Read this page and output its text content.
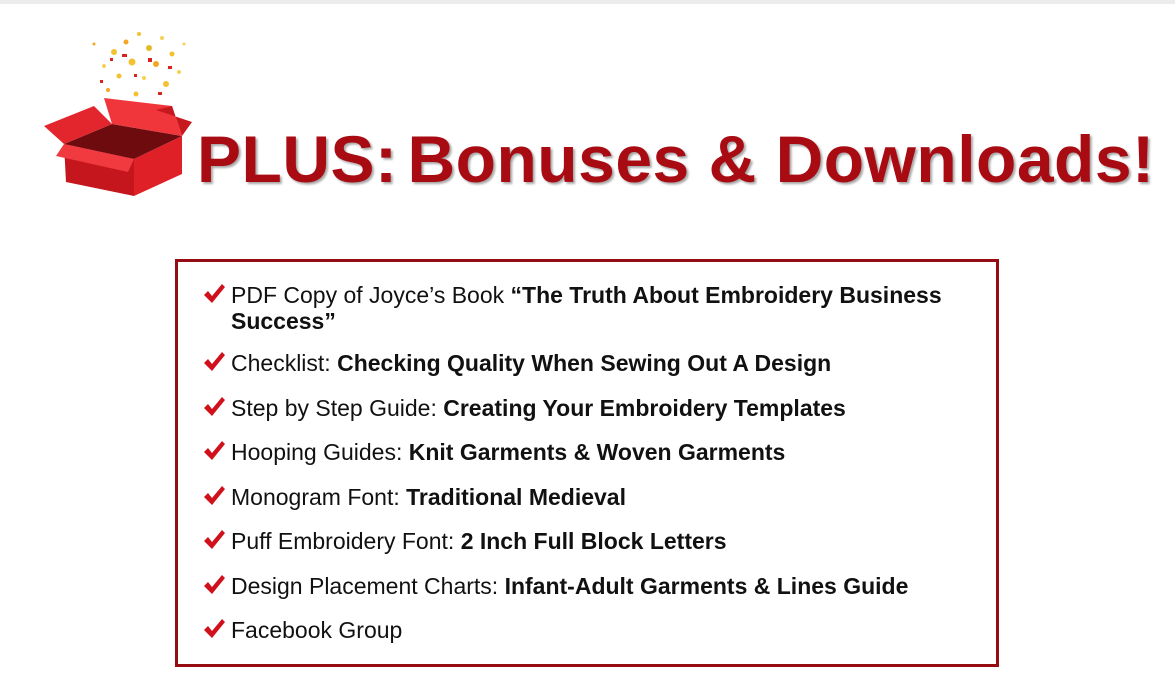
PLUS: Bonuses & Downloads!
PDF Copy of Joyce’s Book “The Truth About Embroidery Business Success”
Checklist: Checking Quality When Sewing Out A Design
Step by Step Guide: Creating Your Embroidery Templates
Hooping Guides: Knit Garments & Woven Garments
Monogram Font: Traditional Medieval
Puff Embroidery Font: 2 Inch Full Block Letters
Design Placement Charts: Infant-Adult Garments & Lines Guide
Facebook Group
